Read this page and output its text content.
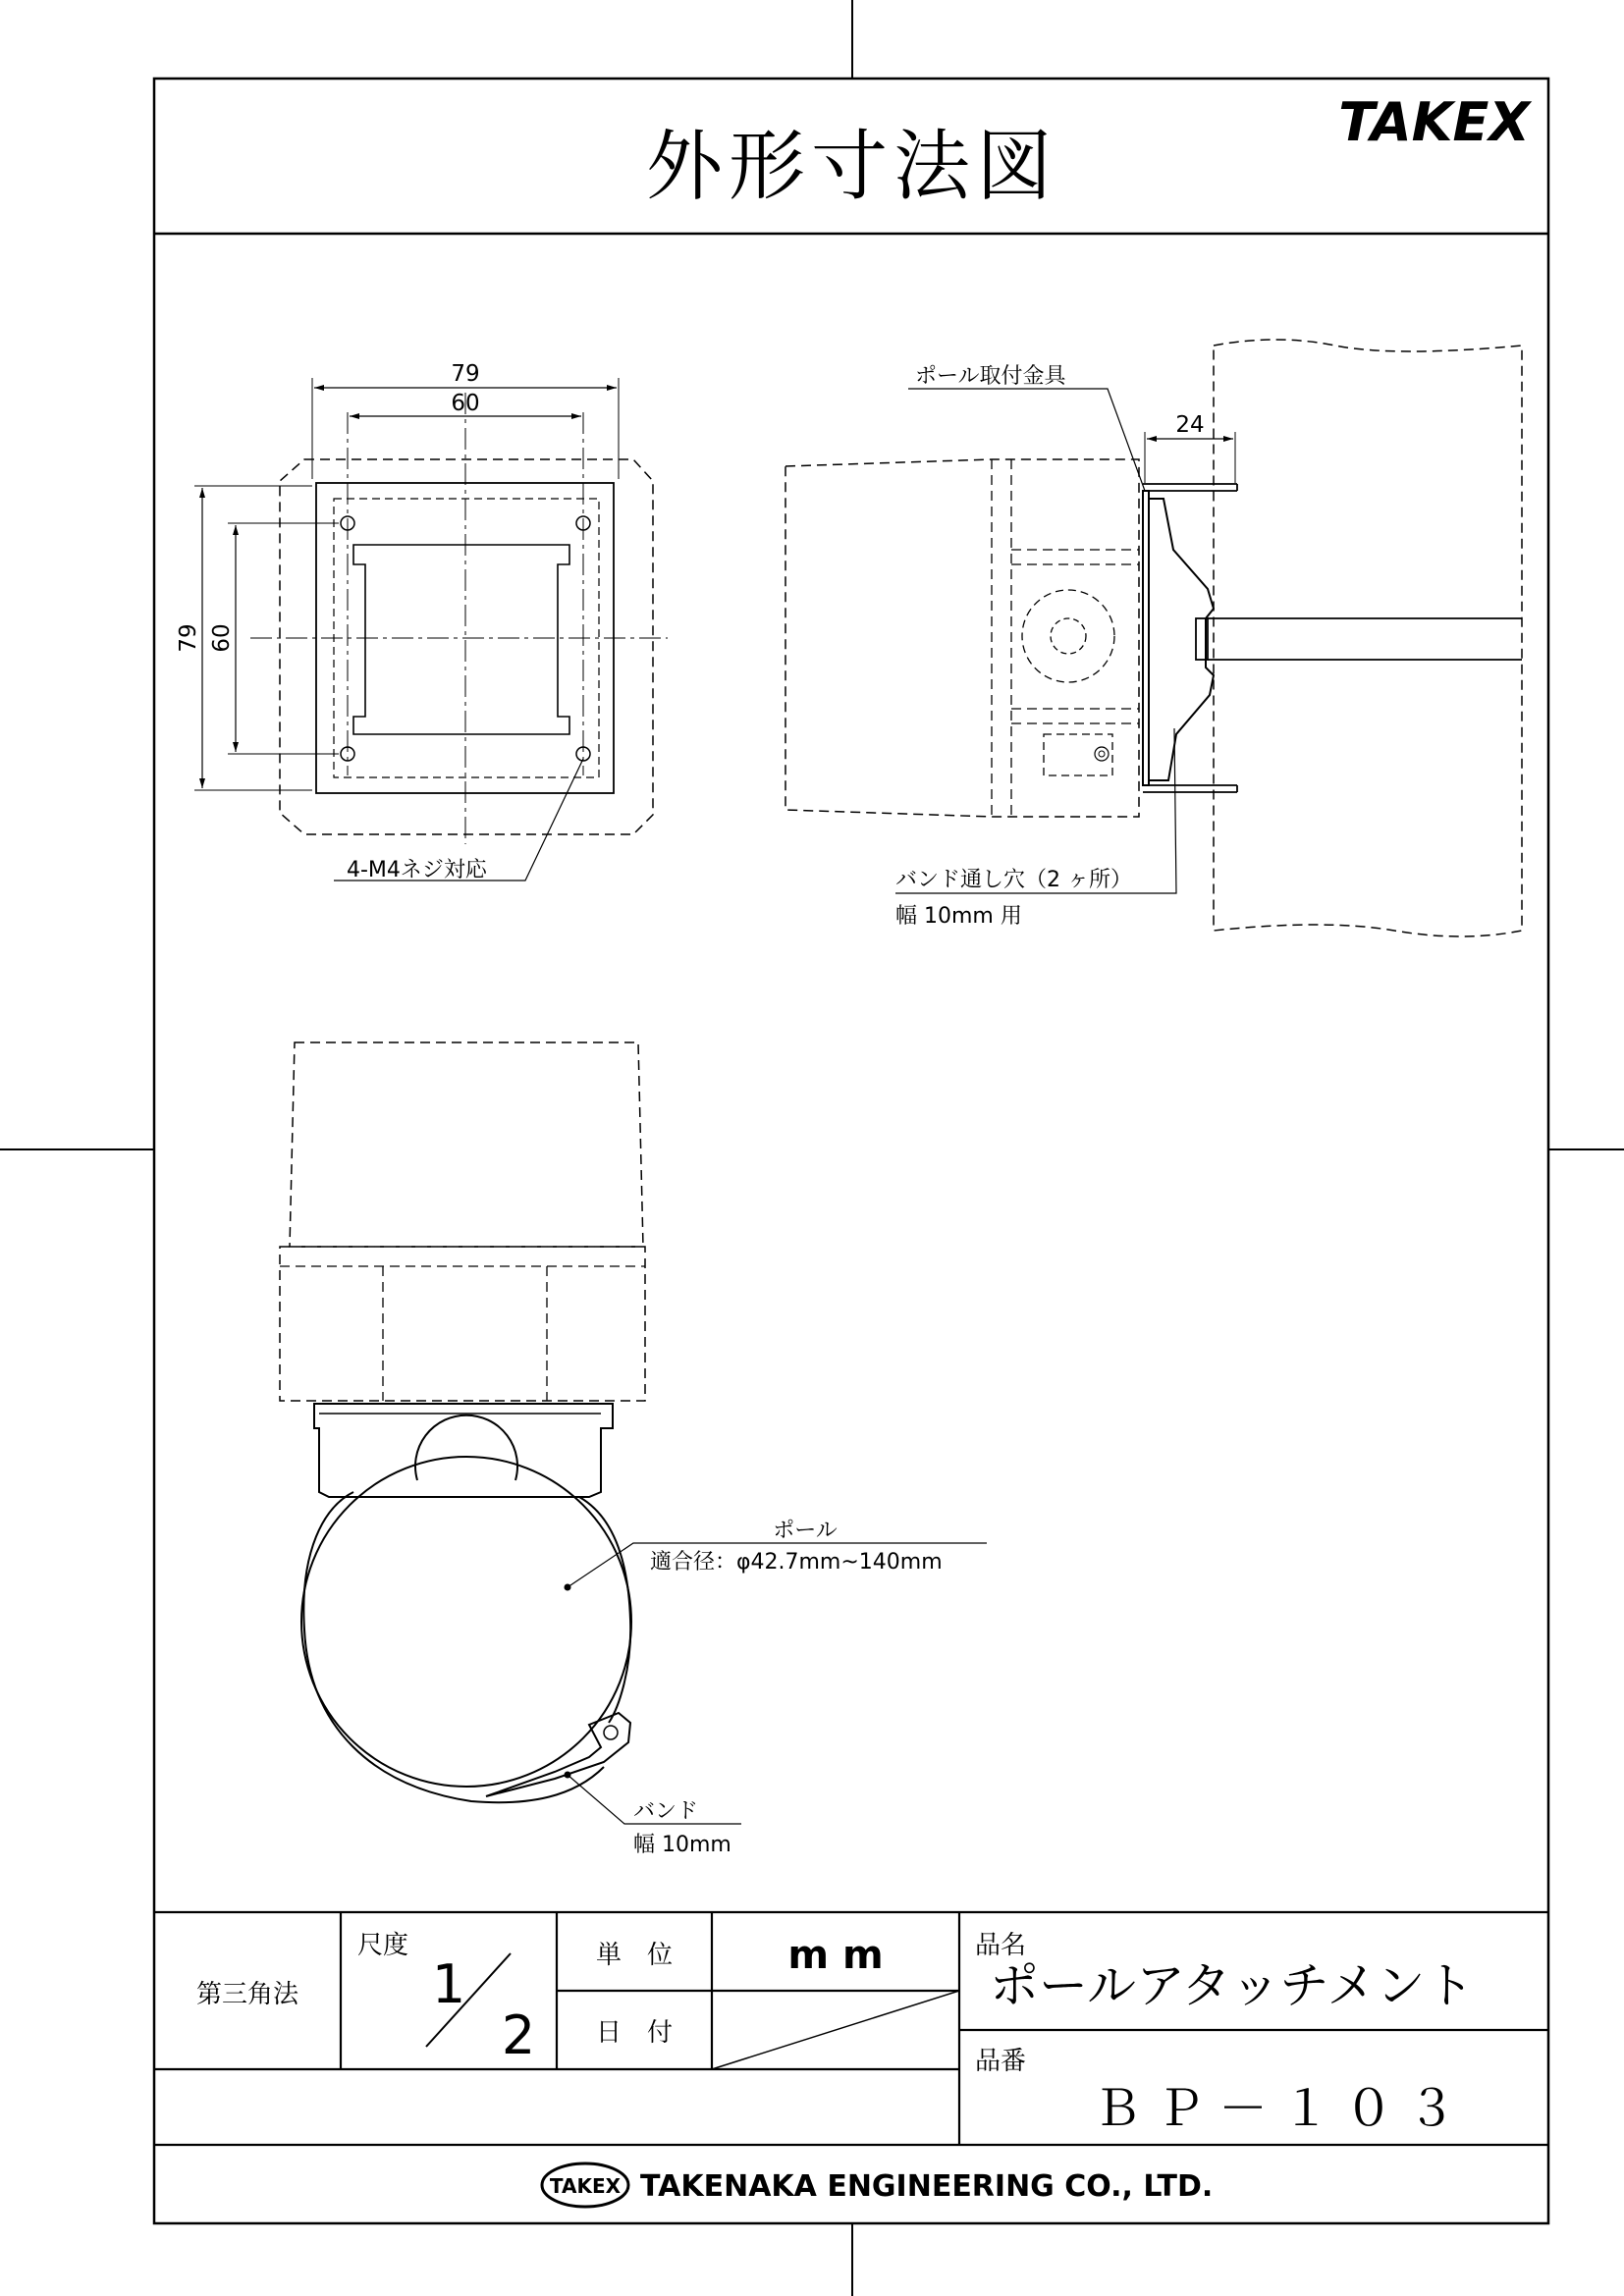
外形寸法図
TAKEX
79
60
79 60
4-M4ネジ対応
ポール取付金具
24
バンド通し穴（2 ヶ所）
幅 10mm 用
ポール
適合径：φ42.7mm~140mm
バンド
幅 10mm
第三角法
尺度
1
2
単　位	m m
日　付
品名
ポールアタッチメント
品番
ＢＰ－１０３
TAKEX TAKENAKA ENGINEERING CO., LTD.
